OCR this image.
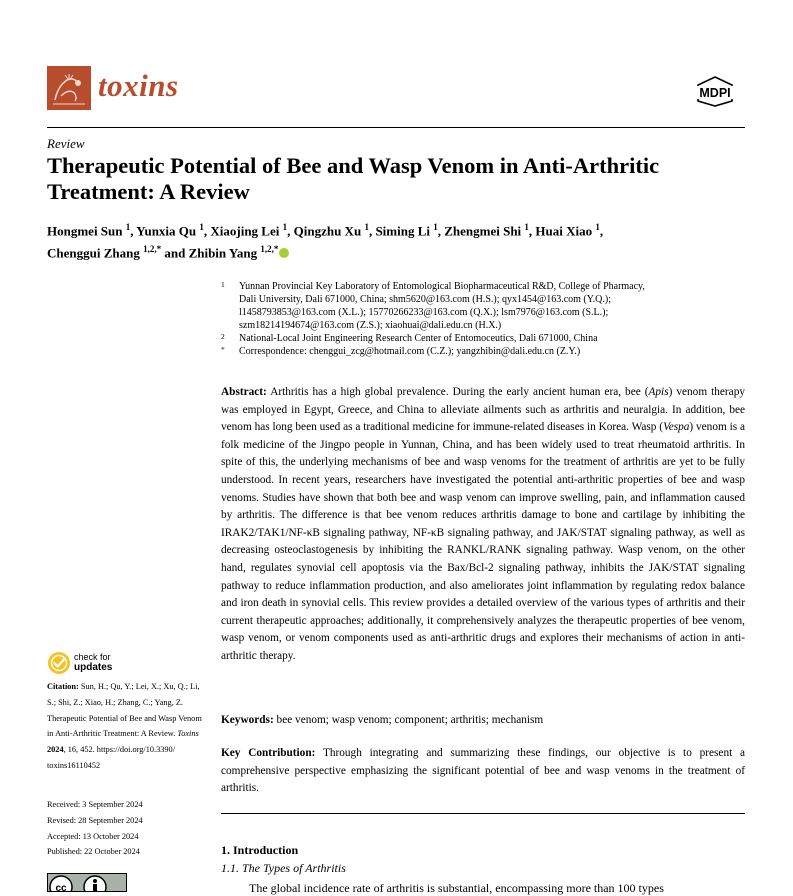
toxins	MDPI
Review
Therapeutic Potential of Bee and Wasp Venom in Anti-Arthritic Treatment: A Review
Hongmei Sun $^1$, Yunxia Qu $^1$, Xiaojing Lei $^1$, Qingzhu Xu $^1$, Siming Li $^1$, Zhengmei Shi $^1$, Huai Xiao $^1$,
Chenggui Zhang $^{1,2,*}$ and Zhibin Yang $^{1,2,*}$
1 Yunnan Provincial Key Laboratory of Entomological Biopharmaceutical R&D, College of Pharmacy,
Dali University, Dali 671000, China; shm5620@163.com (H.S.); qyx1454@163.com (Y.Q.);
l1458793853@163.com (X.L.); 15770266233@163.com (Q.X.); lsm7976@163.com (S.L.);
szm18214194674@163.com (Z.S.); xiaohuai@dali.edu.cn (H.X.)
2 National-Local Joint Engineering Research Center of Entomoceutics, Dali 671000, China
* Correspondence: chenggui_zcg@hotmail.com (C.Z.); yangzhibin@dali.edu.cn (Z.Y.)
Abstract: Arthritis has a high global prevalence. During the early ancient human era, bee (Apis) venom therapy was employed in Egypt, Greece, and China to alleviate ailments such as arthritis and neuralgia. In addition, bee venom has long been used as a traditional medicine for immune-related diseases in Korea. Wasp (Vespa) venom is a folk medicine of the Jingpo people in Yunnan, China, and has been widely used to treat rheumatoid arthritis. In spite of this, the underlying mechanisms of bee and wasp venoms for the treatment of arthritis are yet to be fully understood. In recent years, researchers have investigated the potential anti-arthritic properties of bee and wasp venoms. Studies have shown that both bee and wasp venom can improve swelling, pain, and inflammation caused by arthritis. The difference is that bee venom reduces arthritis damage to bone and cartilage by inhibiting the IRAK2/TAK1/NF-κB signaling pathway, NF-κB signaling pathway, and JAK/STAT signaling pathway, as well as decreasing osteoclastogenesis by inhibiting the RANKL/RANK signaling pathway. Wasp venom, on the other hand, regulates synovial cell apoptosis via the Bax/Bcl-2 signaling pathway, inhibits the JAK/STAT signaling pathway to reduce inflammation production, and also ameliorates joint inflammation by regulating redox balance and iron death in synovial cells. This review provides a detailed overview of the various types of arthritis and their current therapeutic approaches; additionally, it comprehensively analyzes the therapeutic properties of bee venom, wasp venom, or venom components used as anti-arthritic drugs and explores their mechanisms of action in anti-arthritic therapy.
Keywords: bee venom; wasp venom; component; arthritis; mechanism
Key Contribution: Through integrating and summarizing these findings, our objective is to present a comprehensive perspective emphasizing the significant potential of bee and wasp venoms in the treatment of arthritis.
1. Introduction
1.1. The Types of Arthritis
The global incidence rate of arthritis is substantial, encompassing more than 100 types
check for
updates
Citation: Sun, H.; Qu, Y.; Lei, X.; Xu, Q.; Li, S.; Shi, Z.; Xiao, H.; Zhang, C.; Yang, Z. Therapeutic Potential of Bee and Wasp Venom in Anti-Arthritic Treatment: A Review. Toxins 2024, 16, 452. https://doi.org/10.3390/ toxins16110452
Received: 3 September 2024
Revised: 28 September 2024
Accepted: 13 October 2024
Published: 22 October 2024
cc
